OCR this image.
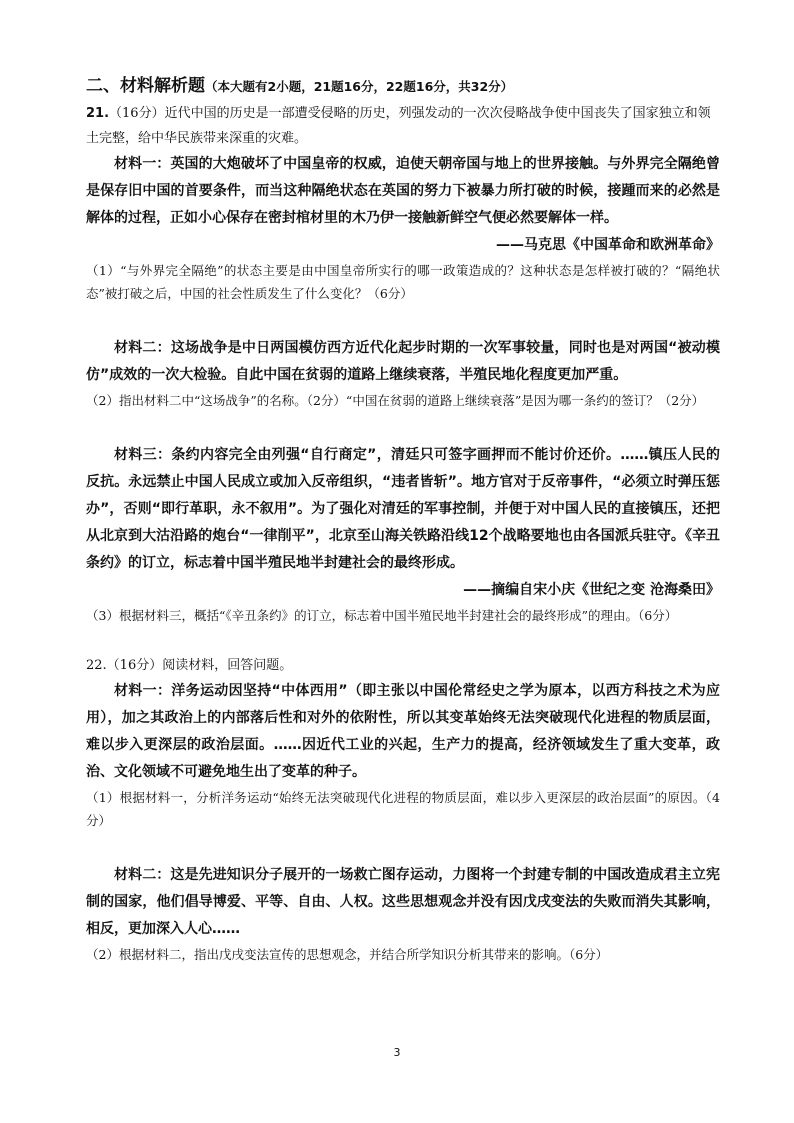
二、材料解析题（本大题有2小题，21题16分，22题16分，共32分）

21.（16分）近代中国的历史是一部遭受侵略的历史，列强发动的一次次侵略战争使中国丧失了国家独立和领土完整，给中华民族带来深重的灾难。

材料一：英国的大炮破坏了中国皇帝的权威，迫使天朝帝国与地上的世界接触。与外界完全隔绝曾是保存旧中国的首要条件，而当这种隔绝状态在英国的努力下被暴力所打破的时候，接踵而来的必然是解体的过程，正如小心保存在密封棺材里的木乃伊一接触新鲜空气便必然要解体一样。

——马克思《中国革命和欧洲革命》

（1）“与外界完全隔绝”的状态主要是由中国皇帝所实行的哪一政策造成的？这种状态是怎样被打破的？“隔绝状态”被打破之后，中国的社会性质发生了什么变化？（6分）

材料二：这场战争是中日两国模仿西方近代化起步时期的一次军事较量，同时也是对两国“被动模仿”成效的一次大检验。自此中国在贫弱的道路上继续衰落，半殖民地化程度更加严重。

（2）指出材料二中“这场战争”的名称。（2分）“中国在贫弱的道路上继续衰落”是因为哪一条约的签订？（2分）

材料三：条约内容完全由列强“自行商定”，清廷只可签字画押而不能讨价还价。……镇压人民的反抗。永远禁止中国人民成立或加入反帝组织，“违者皆斩”。地方官对于反帝事件，“必须立时弹压惩办”，否则“即行革职，永不叙用”。为了强化对清廷的军事控制，并便于对中国人民的直接镇压，还把从北京到大沽沿路的炮台“一律削平”，北京至山海关铁路沿线12个战略要地也由各国派兵驻守。《辛丑条约》的订立，标志着中国半殖民地半封建社会的最终形成。

——摘编自宋小庆《世纪之变 沧海桑田》

（3）根据材料三，概括“《辛丑条约》的订立，标志着中国半殖民地半封建社会的最终形成”的理由。（6分）

22.（16分）阅读材料，回答问题。

材料一：洋务运动因坚持“中体西用”（即主张以中国伦常经史之学为原本，以西方科技之术为应用），加之其政治上的内部落后性和对外的依附性，所以其变革始终无法突破现代化进程的物质层面，难以步入更深层的政治层面。……因近代工业的兴起，生产力的提高，经济领域发生了重大变革，政治、文化领域不可避免地生出了变革的种子。

（1）根据材料一，分析洋务运动“始终无法突破现代化进程的物质层面，难以步入更深层的政治层面”的原因。（4分）

材料二：这是先进知识分子展开的一场救亡图存运动，力图将一个封建专制的中国改造成君主立宪制的国家，他们倡导博爱、平等、自由、人权。这些思想观念并没有因戊戌变法的失败而消失其影响，相反，更加深入人心……

（2）根据材料二，指出戊戌变法宣传的思想观念，并结合所学知识分析其带来的影响。（6分）

3
